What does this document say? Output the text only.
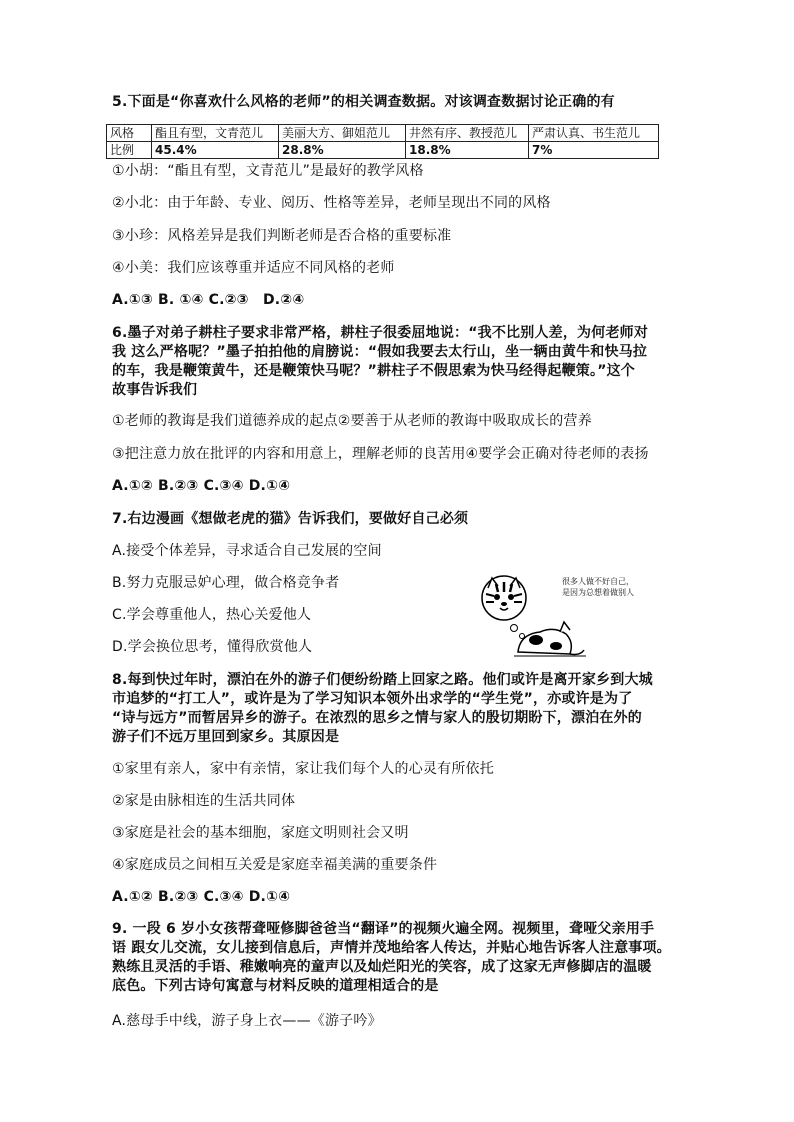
5.下面是“你喜欢什么风格的老师”的相关调查数据。对该调查数据讨论正确的有
风格	酯且有型，文青范儿	美丽大方、御姐范儿	井然有序、教授范儿	严肃认真、书生范儿
比例	45.4%	28.8%	18.8%	7%
①小胡：“酯且有型，文青范儿”是最好的教学风格
②小北：由于年龄、专业、阅历、性格等差异，老师呈现出不同的风格
③小珍：风格差异是我们判断老师是否合格的重要标准
④小美：我们应该尊重并适应不同风格的老师
A.①③ B. ①④ C.②③　D.②④
6.墨子对弟子耕柱子要求非常严格，耕柱子很委屈地说：“我不比别人差，为何老师对
我 这么严格呢？”墨子拍拍他的肩膀说：“假如我要去太行山，坐一辆由黄牛和快马拉
的车，我是鞭策黄牛，还是鞭策快马呢？”耕柱子不假思索为快马经得起鞭策。”这个
故事告诉我们
①老师的教诲是我们道德养成的起点②要善于从老师的教诲中吸取成长的营养
③把注意力放在批评的内容和用意上，理解老师的良苦用④要学会正确对待老师的表扬
A.①② B.②③ C.③④ D.①④
7.右边漫画《想做老虎的猫》告诉我们，要做好自己必须
A.接受个体差异，寻求适合自己发展的空间
B.努力克服忌妒心理，做合格竞争者
C.学会尊重他人，热心关爱他人
D.学会换位思考，懂得欣赏他人
很多人做不好自己，
是因为总想着做别人
8.每到快过年时，漂泊在外的游子们便纷纷踏上回家之路。他们或许是离开家乡到大城
市追梦的“打工人”，或许是为了学习知识本领外出求学的“学生党”，亦或许是为了
“诗与远方”而暂居异乡的游子。在浓烈的思乡之情与家人的殷切期盼下，漂泊在外的
游子们不远万里回到家乡。其原因是
①家里有亲人，家中有亲情，家让我们每个人的心灵有所依托
②家是由脉相连的生活共同体
③家庭是社会的基本细胞，家庭文明则社会又明
④家庭成员之间相互关爱是家庭幸福美满的重要条件
A.①② B.②③ C.③④ D.①④
9. 一段 6 岁小女孩帮聋哑修脚爸爸当“翻译”的视频火遍全网。视频里，聋哑父亲用手
语 跟女儿交流，女儿接到信息后，声情并茂地给客人传达，并贴心地告诉客人注意事项。
熟练且灵活的手语、稚嫩响亮的童声以及灿烂阳光的笑容，成了这家无声修脚店的温暖
底色。下列古诗句寓意与材料反映的道理相适合的是
A.慈母手中线，游子身上衣——《游子吟》
